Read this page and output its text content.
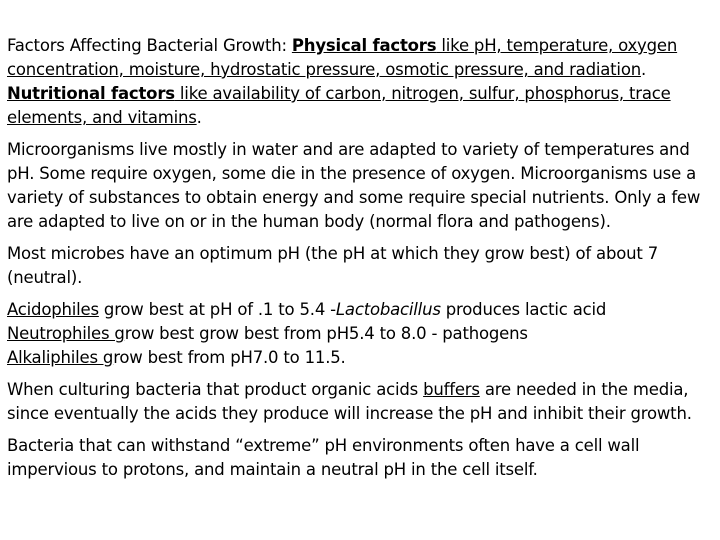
Factors Affecting Bacterial Growth: Physical factors like pH, temperature, oxygen concentration, moisture, hydrostatic pressure, osmotic pressure, and radiation. Nutritional factors like availability of carbon, nitrogen, sulfur, phosphorus, trace elements, and vitamins.

Microorganisms live mostly in water and are adapted to variety of temperatures and pH. Some require oxygen, some die in the presence of oxygen. Microorganisms use a variety of substances to obtain energy and some require special nutrients. Only a few are adapted to live on or in the human body (normal flora and pathogens).

Most microbes have an optimum pH (the pH at which they grow best) of about 7 (neutral).

Acidophiles grow best at pH of .1 to 5.4 -Lactobacillus produces lactic acid
Neutrophiles grow best grow best from pH5.4 to 8.0 - pathogens
Alkaliphiles grow best from pH7.0 to 11.5.

When culturing bacteria that product organic acids buffers are needed in the media, since eventually the acids they produce will increase the pH and inhibit their growth.

Bacteria that can withstand “extreme” pH environments often have a cell wall impervious to protons, and maintain a neutral pH in the cell itself.
